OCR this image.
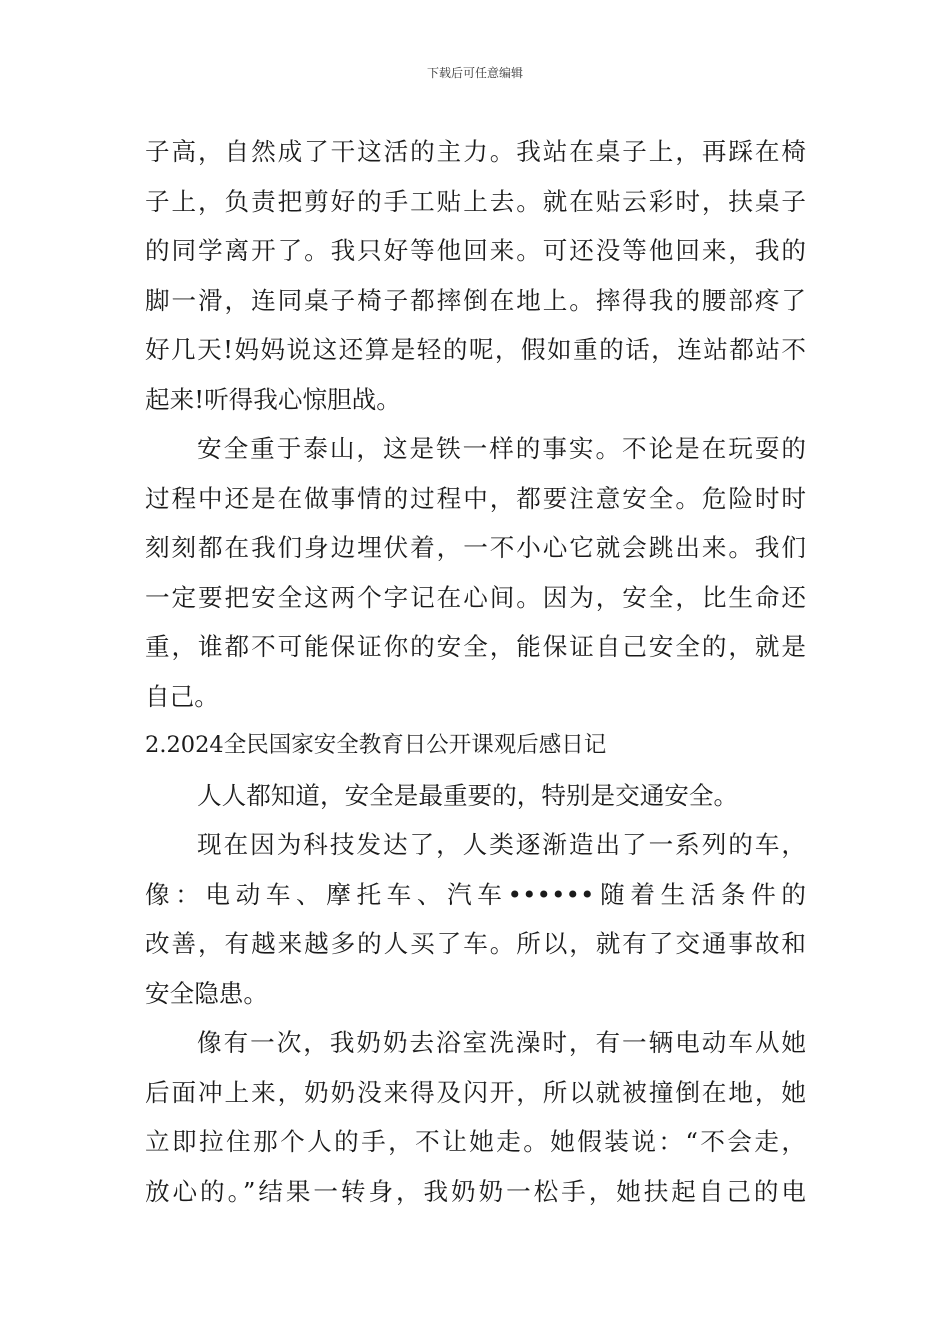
下载后可任意编辑
子高，自然成了干这活的主力。我站在桌子上，再踩在椅
子上，负责把剪好的手工贴上去。就在贴云彩时，扶桌子
的同学离开了。我只好等他回来。可还没等他回来，我的
脚一滑，连同桌子椅子都摔倒在地上。摔得我的腰部疼了
好几天!妈妈说这还算是轻的呢，假如重的话，连站都站不
起来!听得我心惊胆战。
安全重于泰山，这是铁一样的事实。不论是在玩耍的
过程中还是在做事情的过程中，都要注意安全。危险时时
刻刻都在我们身边埋伏着，一不小心它就会跳出来。我们
一定要把安全这两个字记在心间。因为，安全，比生命还
重，谁都不可能保证你的安全，能保证自己安全的，就是
自己。
2.2024全民国家安全教育日公开课观后感日记
人人都知道，安全是最重要的，特别是交通安全。
现在因为科技发达了，人类逐渐造出了一系列的车，
像：电动车、摩托车、汽车••••••随着生活条件的
改善，有越来越多的人买了车。所以，就有了交通事故和
安全隐患。
像有一次，我奶奶去浴室洗澡时，有一辆电动车从她
后面冲上来，奶奶没来得及闪开，所以就被撞倒在地，她
立即拉住那个人的手，不让她走。她假装说：“不会走，
放心的。”结果一转身，我奶奶一松手，她扶起自己的电
